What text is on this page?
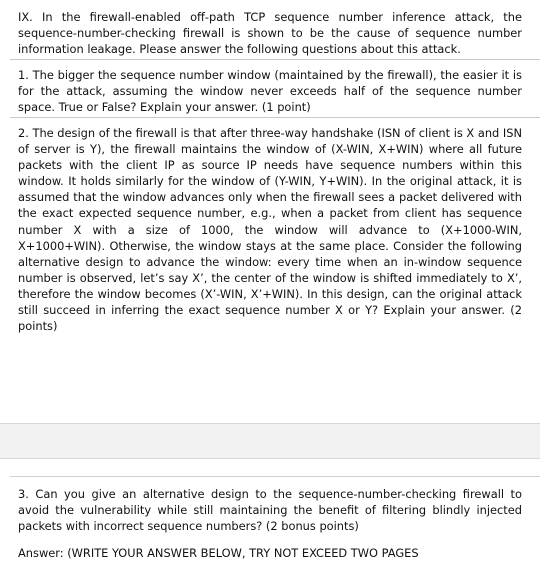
IX. In the firewall-enabled off-path TCP sequence number inference attack, the sequence-number-checking firewall is shown to be the cause of sequence number information leakage. Please answer the following questions about this attack.

1. The bigger the sequence number window (maintained by the firewall), the easier it is for the attack, assuming the window never exceeds half of the sequence number space. True or False? Explain your answer. (1 point)

2. The design of the firewall is that after three-way handshake (ISN of client is X and ISN of server is Y), the firewall maintains the window of (X-WIN, X+WIN) where all future packets with the client IP as source IP needs have sequence numbers within this window. It holds similarly for the window of (Y-WIN, Y+WIN). In the original attack, it is assumed that the window advances only when the firewall sees a packet delivered with the exact expected sequence number, e.g., when a packet from client has sequence number X with a size of 1000, the window will advance to (X+1000-WIN, X+1000+WIN). Otherwise, the window stays at the same place. Consider the following alternative design to advance the window: every time when an in-window sequence number is observed, let’s say X’, the center of the window is shifted immediately to X’, therefore the window becomes (X’-WIN, X’+WIN). In this design, can the original attack still succeed in inferring the exact sequence number X or Y? Explain your answer. (2 points)

3. Can you give an alternative design to the sequence-number-checking firewall to avoid the vulnerability while still maintaining the benefit of filtering blindly injected packets with incorrect sequence numbers? (2 bonus points)

Answer: (WRITE YOUR ANSWER BELOW, TRY NOT EXCEED TWO PAGES
